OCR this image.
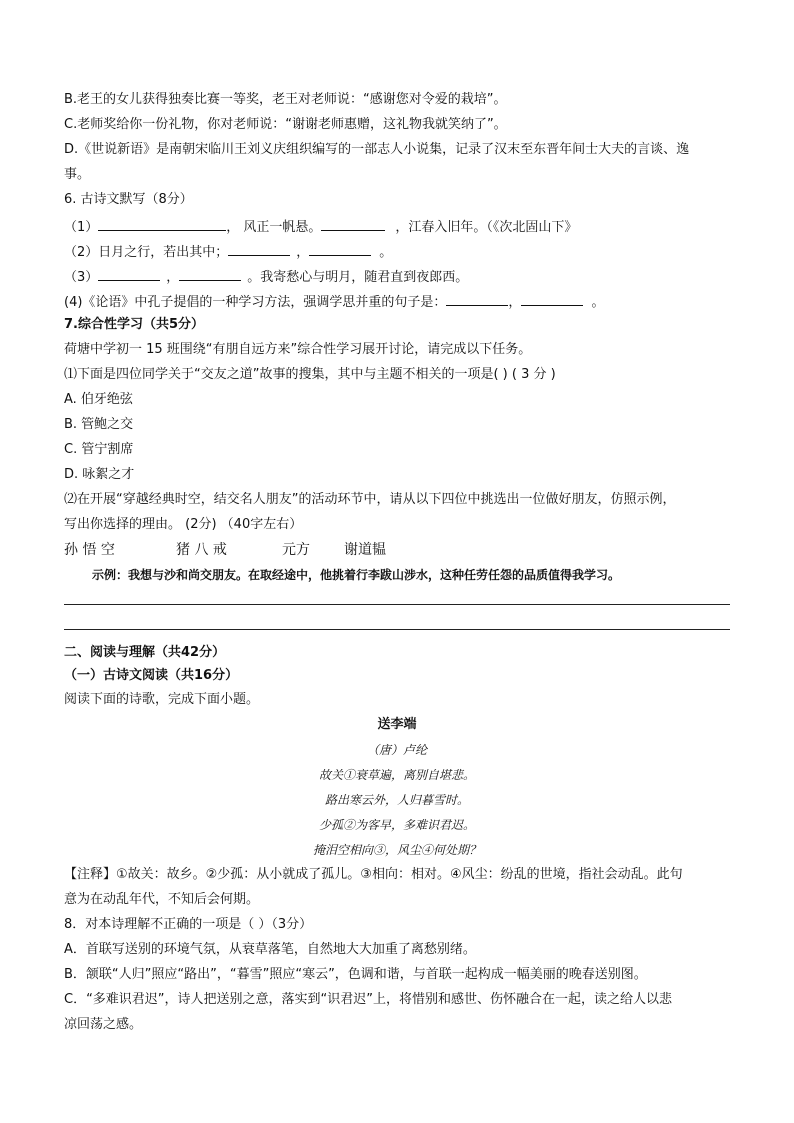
B.老王的女儿获得独奏比赛一等奖，老王对老师说：“感谢您对令爱的栽培”。
C.老师奖给你一份礼物，你对老师说：“谢谢老师惠赠，这礼物我就笑纳了”。
D.《世说新语》是南朝宋临川王刘义庆组织编写的一部志人小说集，记录了汉末至东晋年间士大夫的言谈、逸
事。
6. 古诗文默写（8分）
（1）	， 风正一帆悬。	，江春入旧年。（《次北固山下》
（2）日月之行，若出其中；	，	。
（3）	，	。我寄愁心与明月，随君直到夜郎西。
(4)《论语》中孔子提倡的一种学习方法，强调学思并重的句子是：	，	。
7.综合性学习（共5分）
荷塘中学初一 15 班围绕“有朋自远方来”综合性学习展开讨论，请完成以下任务。
⑴下面是四位同学关于“交友之道”故事的搜集，其中与主题不相关的一项是( ) ( 3 分 )
A. 伯牙绝弦
B. 管鲍之交
C. 管宁割席
D. 咏絮之才
⑵在开展“穿越经典时空，结交名人朋友”的活动环节中，请从以下四位中挑选出一位做好朋友，仿照示例，
写出你选择的理由。 (2分) （40字左右）
孙 悟 空	猪 八 戒	元方 谢道韫
示例：我想与沙和尚交朋友。在取经途中，他挑着行李跋山涉水，这种任劳任怨的品质值得我学习。
二、阅读与理解（共42分）
（一）古诗文阅读（共16分）
阅读下面的诗歌，完成下面小题。
送李端
（唐）卢纶
故关①衰草遍，离别自堪悲。
路出寒云外，人归暮雪时。
少孤②为客早，多难识君迟。
掩泪空相向③，风尘④何处期？
【注释】①故关：故乡。②少孤：从小就成了孤儿。③相向：相对。④风尘：纷乱的世境，指社会动乱。此句
意为在动乱年代，不知后会何期。
8．对本诗理解不正确的一项是（ ）（3分）
A．首联写送别的环境气氛，从衰草落笔，自然地大大加重了离愁别绪。
B．颔联“人归”照应“路出”，“暮雪”照应“寒云”，色调和谐，与首联一起构成一幅美丽的晚春送别图。
C．“多难识君迟”，诗人把送别之意，落实到“识君迟”上，将惜别和感世、伤怀融合在一起，读之给人以悲
凉回荡之感。
